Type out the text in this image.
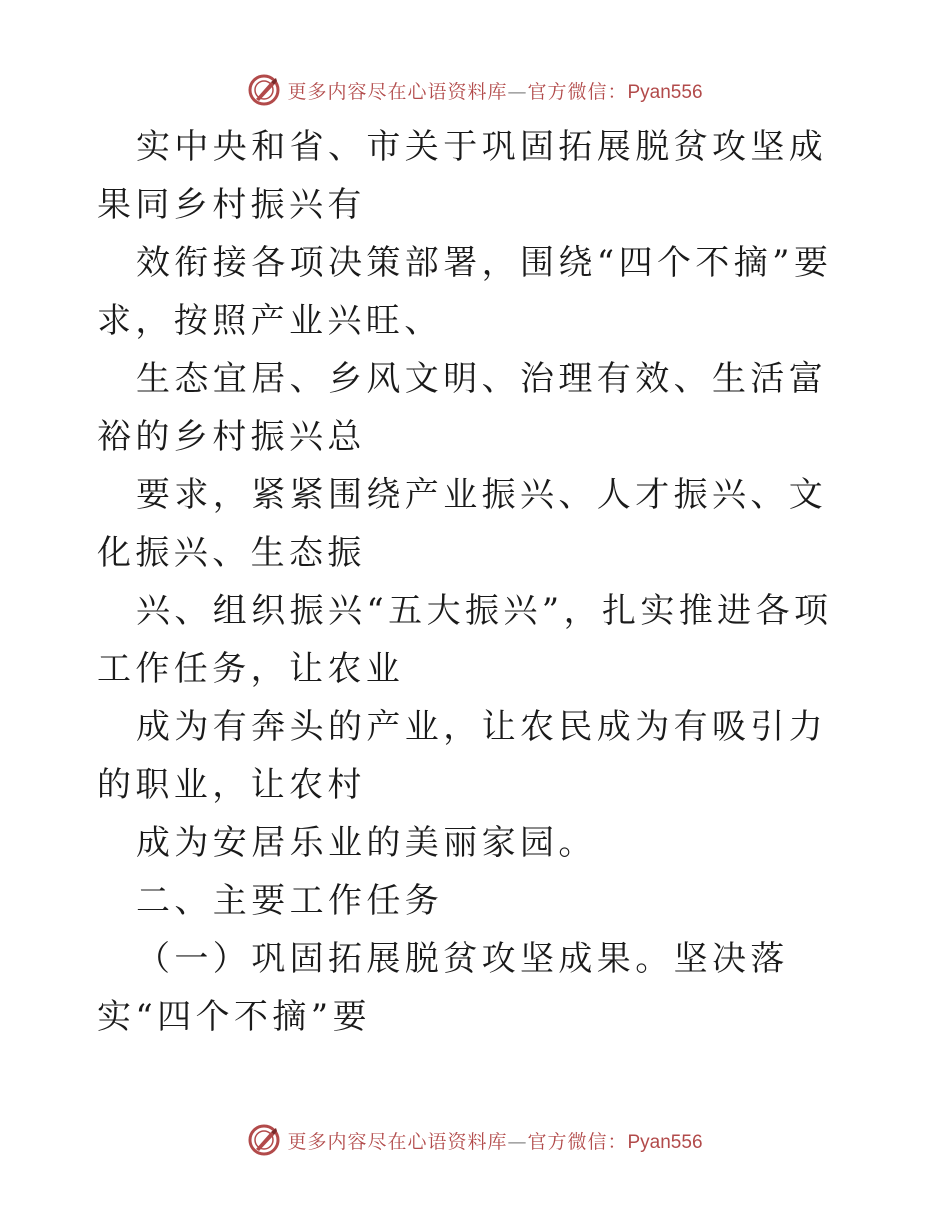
更多内容尽在心语资料库—官方微信：Pyan556

实中央和省、市关于巩固拓展脱贫攻坚成果同乡村振兴有

效衔接各项决策部署，围绕“四个不摘”要求，按照产业兴旺、

生态宜居、乡风文明、治理有效、生活富裕的乡村振兴总

要求，紧紧围绕产业振兴、人才振兴、文化振兴、生态振

兴、组织振兴“五大振兴”，扎实推进各项工作任务，让农业

成为有奔头的产业，让农民成为有吸引力的职业，让农村

成为安居乐业的美丽家园。

二、主要工作任务

（一）巩固拓展脱贫攻坚成果。坚决落实“四个不摘”要

更多内容尽在心语资料库—官方微信：Pyan556
